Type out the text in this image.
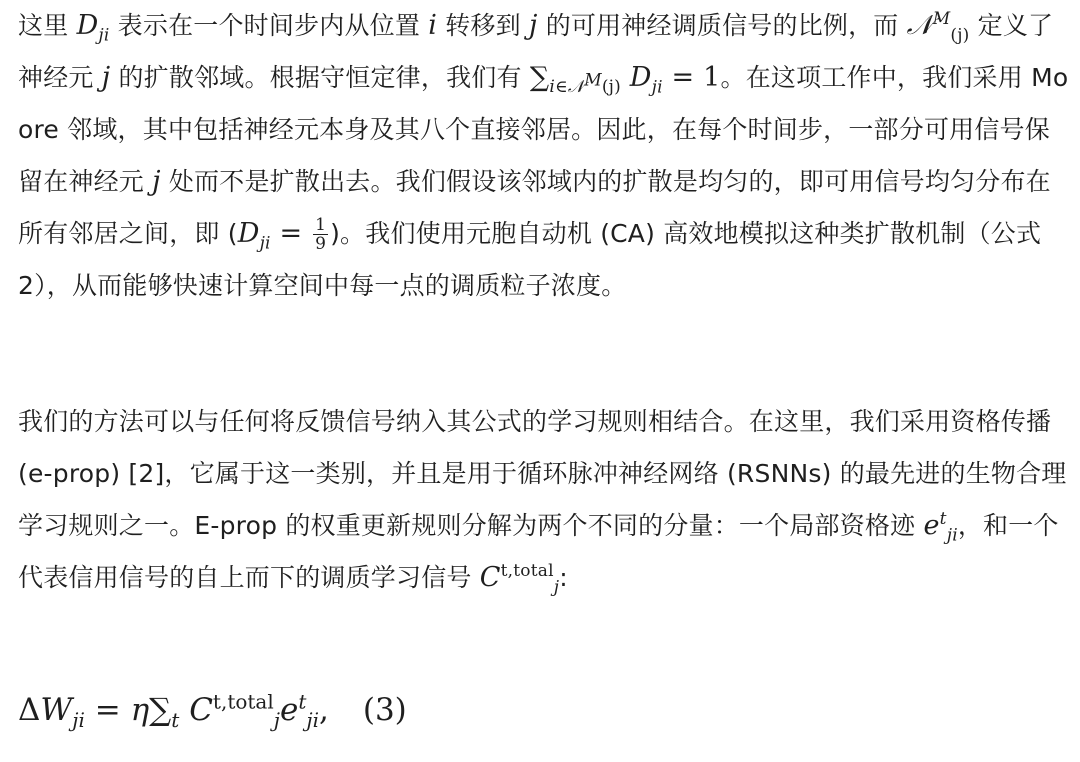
这里 $D_{ji}$ 表示在一个时间步内从位置 i 转移到 j 的可用神经调质信号的比例，而 𝒩$^M_{(j)}$ 定义了神经元 j 的扩散邻域。根据守恒定律，我们有 $\sum_{i\in 𝒩^M(j)}$ $D_{ji} = 1$。在这项工作中，我们采用 Moore 邻域，其中包括神经元本身及其八个直接邻居。因此，在每个时间步，一部分可用信号保留在神经元 j 处而不是扩散出去。我们假设该邻域内的扩散是均匀的，即可用信号均匀分布在所有邻居之间，即 ($D_{ji} = \frac{1}{9}$ )。我们使用元胞自动机 (CA) 高效地模拟这种类扩散机制（公式 2），从而能够快速计算空间中每一点的调质粒子浓度。

我们的方法可以与任何将反馈信号纳入其公式的学习规则相结合。在这里，我们采用资格传播 (e-prop) [2]，它属于这一类别，并且是用于循环脉冲神经网络 (RSNNs) 的最先进的生物合理学习规则之一。E-prop 的权重更新规则分解为两个不同的分量：一个局部资格迹 $e^t_{ji}$，和一个代表信用信号的自上而下的调质学习信号 $C^{t,total}_j$:

$\Delta W_{ji} = \eta\sum_t$ $C^{t,total}_je^t_{ji}$, (3)
